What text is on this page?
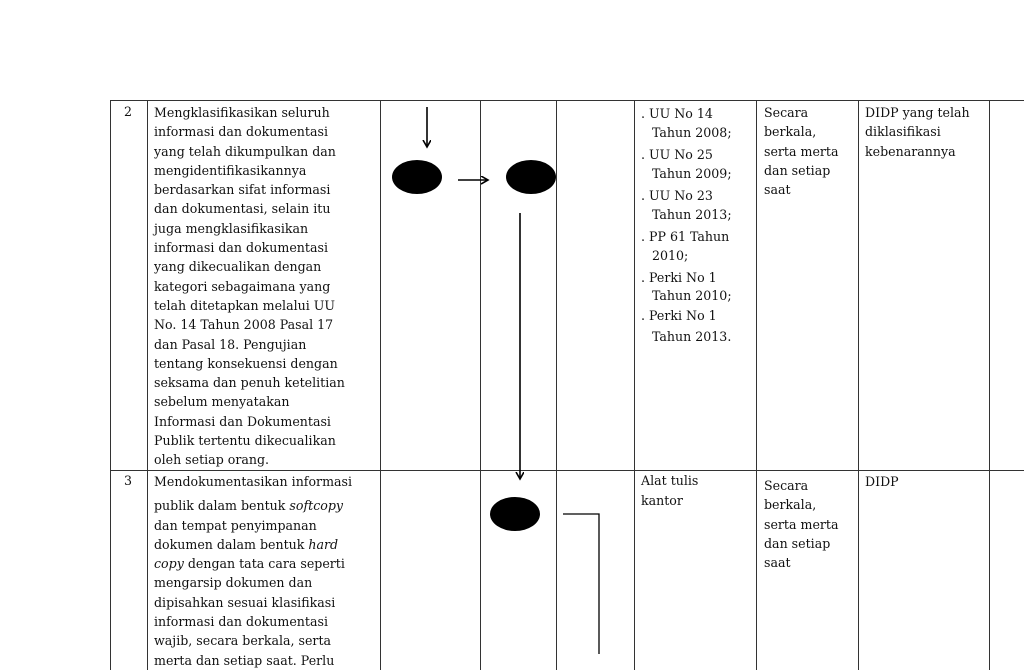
2 Mengklasifikasikan seluruh
informasi dan dokumentasi
yang telah dikumpulkan dan
mengidentifikasikannya
berdasarkan sifat informasi
dan dokumentasi, selain itu
juga mengklasifikasikan
informasi dan dokumentasi
yang dikecualikan dengan
kategori sebagaimana yang
telah ditetapkan melalui UU
No. 14 Tahun 2008 Pasal 17
dan Pasal 18. Pengujian
tentang konsekuensi dengan
seksama dan penuh ketelitian
sebelum menyatakan
Informasi dan Dokumentasi
Publik tertentu dikecualikan
oleh setiap orang.
. UU No 14
Tahun 2008;
. UU No 25
Tahun 2009;
. UU No 23
Tahun 2013;
. PP 61 Tahun
2010;
. Perki No 1
Tahun 2010;
. Perki No 1
Tahun 2013.
Secara
berkala,
serta merta
dan setiap
saat
DIDP yang telah
diklasifikasi
kebenarannya
3 Mendokumentasikan informasi
publik dalam bentuk softcopy
dan tempat penyimpanan
dokumen dalam bentuk hard
copy dengan tata cara seperti
mengarsip dokumen dan
dipisahkan sesuai klasifikasi
informasi dan dokumentasi
wajib, secara berkala, serta
merta dan setiap saat. Perlu
Alat tulis
kantor
Secara
berkala,
serta merta
dan setiap
saat
DIDP
